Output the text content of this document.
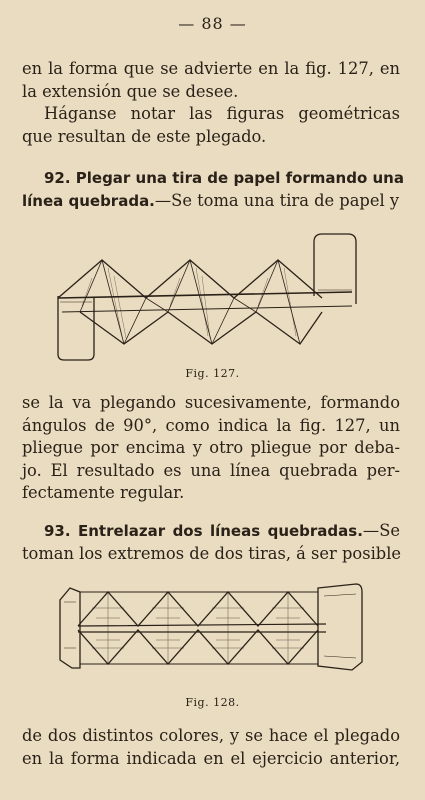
— 88 —
en la forma que se advierte en la fig. 127, en
la extensión que se desee.
Háganse notar las figuras geométricas
que resultan de este plegado.
92. Plegar una tira de papel formando una
línea quebrada.—Se toma una tira de papel y
Fig. 127.
se la va plegando sucesivamente, formando
ángulos de 90°, como indica la fig. 127, un
pliegue por encima y otro pliegue por deba-
jo. El resultado es una línea quebrada per-
fectamente regular.
93. Entrelazar dos líneas quebradas.—Se
toman los extremos de dos tiras, á ser posible
Fig. 128.
de dos distintos colores, y se hace el plegado
en la forma indicada en el ejercicio anterior,
